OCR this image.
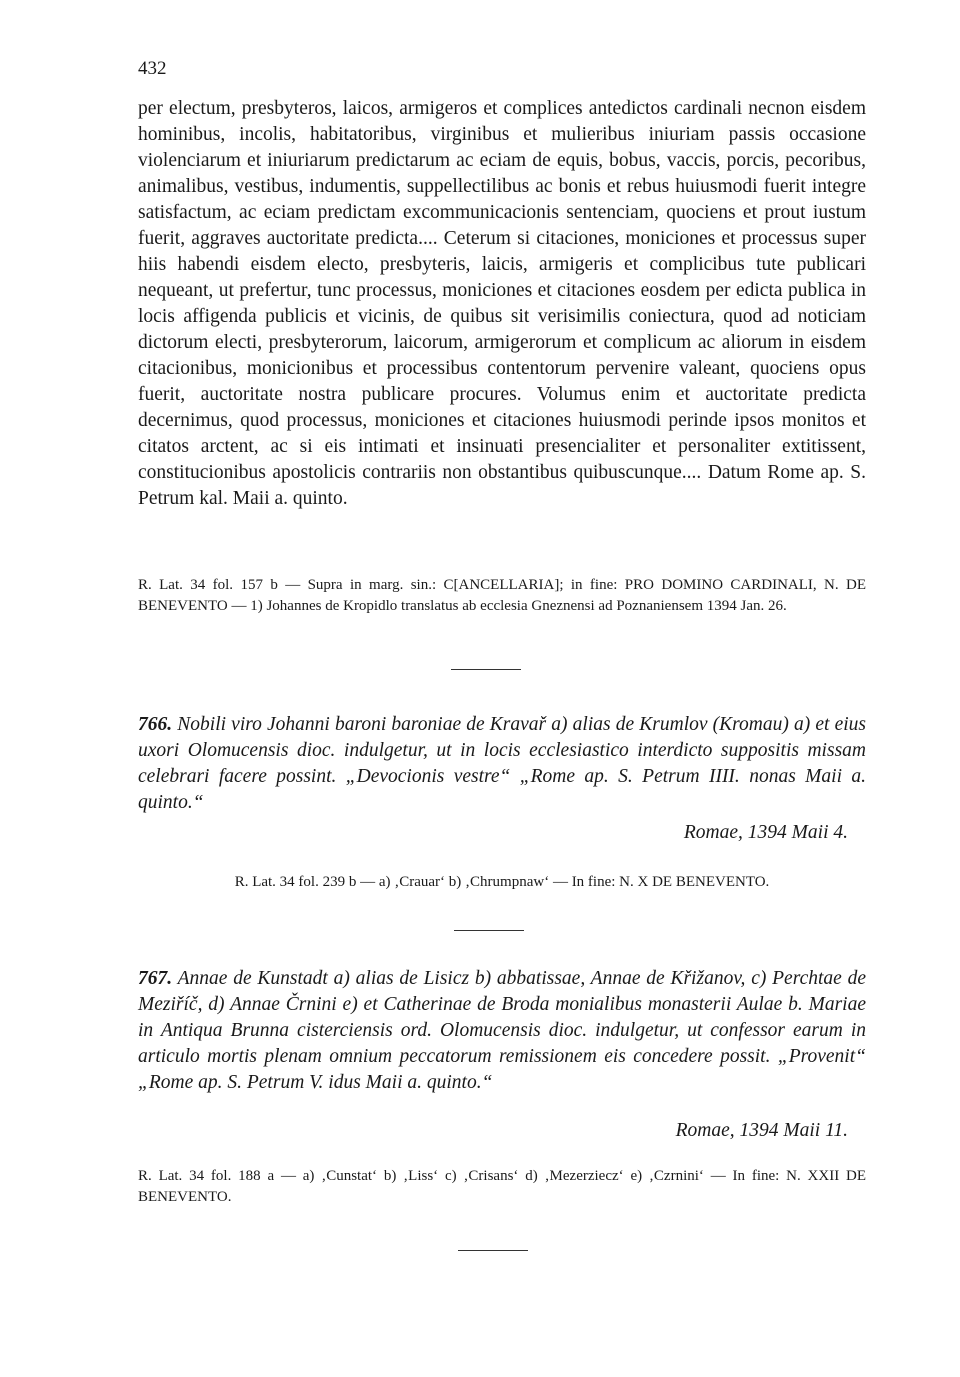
432
per electum, presbyteros, laicos, armigeros et complices antedictos cardinali necnon eisdem hominibus, incolis, habitatoribus, virginibus et mulieribus iniuriam passis occasione violenciarum et iniuriarum predictarum ac eciam de equis, bobus, vaccis, porcis, pecoribus, animalibus, vestibus, indumentis, suppellectilibus ac bonis et rebus huiusmodi fuerit integre satisfactum, ac eciam predictam excommunicacionis sentenciam, quociens et prout iustum fuerit, aggraves auctoritate predicta.... Ceterum si citaciones, moniciones et processus super hiis habendi eisdem electo, presbyteris, laicis, armigeris et complicibus tute publicari nequeant, ut prefertur, tunc processus, moniciones et citaciones eosdem per edicta publica in locis affigenda publicis et vicinis, de quibus sit verisimilis coniectura, quod ad noticiam dictorum electi, presbyterorum, laicorum, armigerorum et complicum ac aliorum in eisdem citacionibus, monicionibus et processibus contentorum pervenire valeant, quociens opus fuerit, auctoritate nostra publicare procures. Volumus enim et auctoritate predicta decernimus, quod processus, moniciones et citaciones huiusmodi perinde ipsos monitos et citatos arctent, ac si eis intimati et insinuati presencialiter et personaliter extitissent, constitucionibus apostolicis contrariis non obstantibus quibuscunque.... Datum Rome ap. S. Petrum kal. Maii a. quinto.
R. Lat. 34 fol. 157 b — Supra in marg. sin.: C[ANCELLARIA]; in fine: PRO DOMINO CARDINALI, N. DE BENEVENTO — 1) Johannes de Kropidlo translatus ab ecclesia Gneznensi ad Poznaniensem 1394 Jan. 26.
766. Nobili viro Johanni baroni baroniae de Kravař a) alias de Krumlov (Kromau) a) et eius uxori Olomucensis dioc. indulgetur, ut in locis ecclesiastico interdicto suppositis missam celebrari facere possint. „Devocionis vestre“ „Rome ap. S. Petrum IIII. nonas Maii a. quinto.“
Romae, 1394 Maii 4.
R. Lat. 34 fol. 239 b — a) ‚Crauar‘ b) ‚Chrumpnaw‘ — In fine: N. X DE BENEVENTO.
767. Annae de Kunstadt a) alias de Lisicz b) abbatissae, Annae de Křižanov, c) Perchtae de Meziříč, d) Annae Črnini e) et Catherinae de Broda monialibus monasterii Aulae b. Mariae in Antiqua Brunna cisterciensis ord. Olomucensis dioc. indulgetur, ut confessor earum in articulo mortis plenam omnium peccatorum remissionem eis concedere possit. „Provenit“ „Rome ap. S. Petrum V. idus Maii a. quinto.“
Romae, 1394 Maii 11.
R. Lat. 34 fol. 188 a — a) ‚Cunstat‘ b) ‚Liss‘ c) ‚Crisans‘ d) ‚Mezerziecz‘ e) ‚Czrnini‘ — In fine: N. XXII DE BENEVENTO.
